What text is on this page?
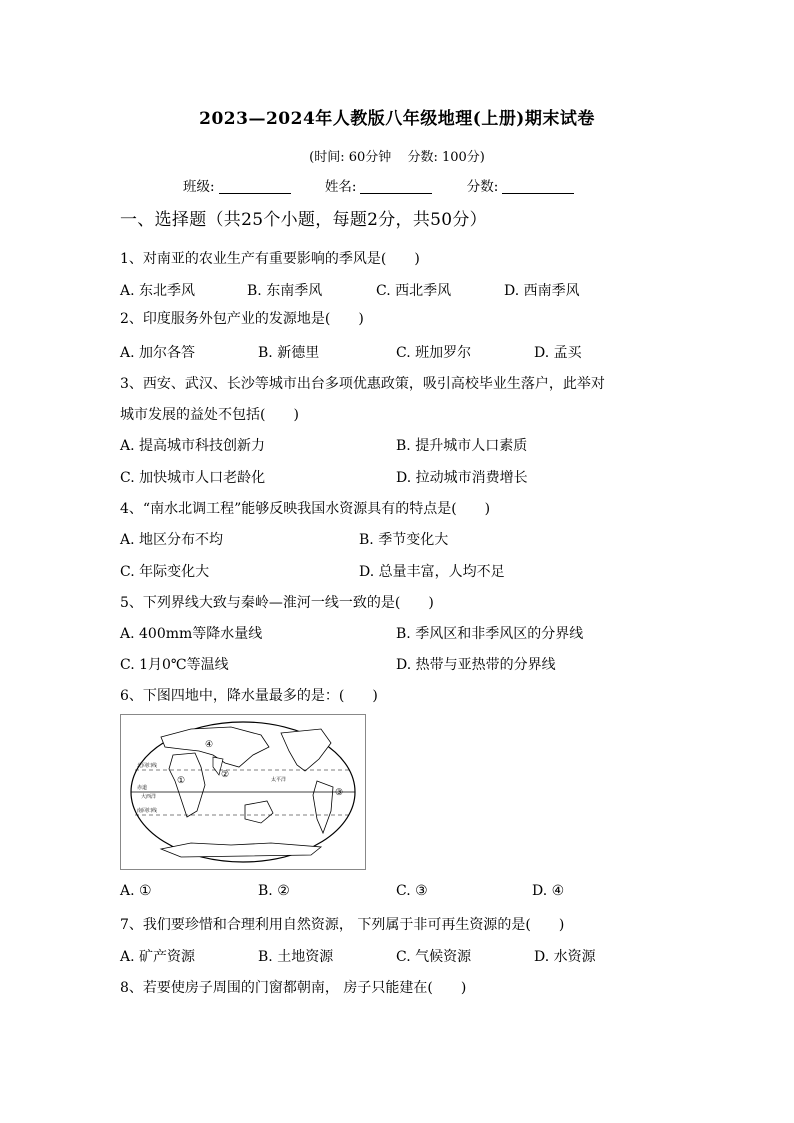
2023—2024年人教版八年级地理(上册)期末试卷
(时间: 60分钟 分数: 100分)
班级:	姓名:	分数:
一、选择题（共25个小题，每题2分，共50分）
1、对南亚的农业生产有重要影响的季风是(　　)
A. 东北季风	B. 东南季风	C. 西北季风	D. 西南季风
2、印度服务外包产业的发源地是(　　)
A. 加尔各答	B. 新德里	C. 班加罗尔	D. 孟买
3、西安、武汉、长沙等城市出台多项优惠政策，吸引高校毕业生落户，此举对
城市发展的益处不包括(　　)
A. 提高城市科技创新力	B. 提升城市人口素质
C. 加快城市人口老龄化	D. 拉动城市消费增长
4、“南水北调工程”能够反映我国水资源具有的特点是(　　)
A. 地区分布不均	B. 季节变化大
C. 年际变化大	D. 总量丰富，人均不足
5、下列界线大致与秦岭—淮河一线一致的是(　　)
A. 400mm等降水量线	B. 季风区和非季风区的分界线
C. 1月0℃等温线	D. 热带与亚热带的分界线
6、下图四地中，降水量最多的是：(　　)
④
①
②
③
太平洋
大西洋
赤道
北回归线
南回归线
A. ①	B. ②	C. ③	D. ④
7、我们要珍惜和合理利用自然资源， 下列属于非可再生资源的是(　　)
A. 矿产资源	B. 土地资源	C. 气候资源	D. 水资源
8、若要使房子周围的门窗都朝南， 房子只能建在(　　)
